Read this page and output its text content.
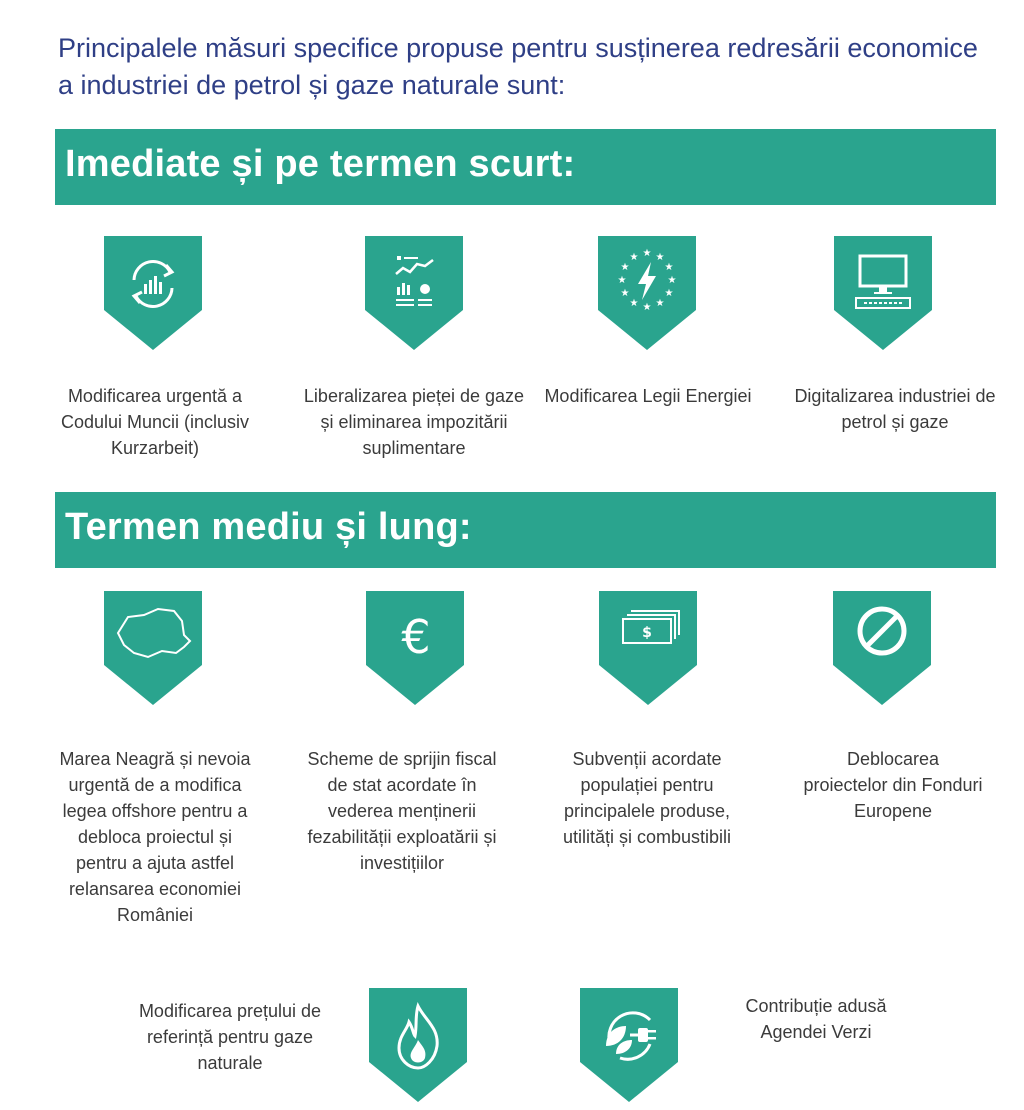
Principalele măsuri specifice propuse pentru susținerea redresării economice a industriei de petrol și gaze naturale sunt:
Imediate și pe termen scurt:
★ ★
★
★
★
★
★
★
★
★
★
★
Modificarea urgentă a Codului Muncii (inclusiv Kurzarbeit)
Liberalizarea pieței de gaze și eliminarea impozitării suplimentare
Modificarea Legii Energiei	Digitalizarea industriei de petrol și gaze
Termen mediu și lung:
€	$
Marea Neagră și nevoia urgentă de a modifica legea offshore pentru a debloca proiectul și pentru a ajuta astfel relansarea economiei României
Scheme de sprijin fiscal de stat acordate în vederea menținerii fezabilității exploatării și investițiilor
Subvenții acordate populației pentru principalele produse, utilități și combustibili
Deblocarea proiectelor din Fonduri Europene
Modificarea prețului de referință pentru gaze naturale
Contribuție adusă Agendei Verzi
